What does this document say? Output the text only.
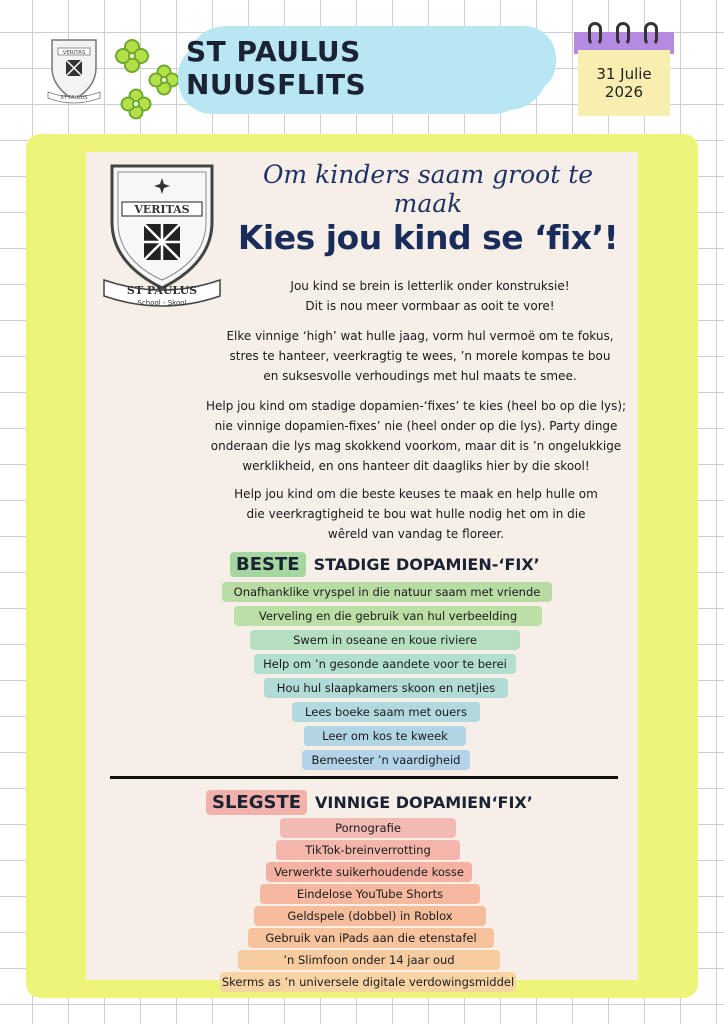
VERITAS
ST PAULUS
ST PAULUS NUUSFLITS	31 Julie
2026
VERITAS
ST PAULUS
School - Skool
Om kinders saam groot te maak
Kies jou kind se ‘fix’!
Jou kind se brein is letterlik onder konstruksie!
Dit is nou meer vormbaar as ooit te vore!
Elke vinnige ‘high’ wat hulle jaag, vorm hul vermoë om te fokus,
stres te hanteer, veerkragtig te wees, ’n morele kompas te bou
en suksesvolle verhoudings met hul maats te smee.
Help jou kind om stadige dopamien-‘fixes’ te kies (heel bo op die lys);
nie vinnige dopamien-fixes’ nie (heel onder op die lys). Party dinge
onderaan die lys mag skokkend voorkom, maar dit is ’n ongelukkige
werklikheid, en ons hanteer dit daagliks hier by die skool!
Help jou kind om die beste keuses te maak en help hulle om
die veerkragtigheid te bou wat hulle nodig het om in die
wêreld van vandag te floreer.
BESTE STADIGE DOPAMIEN-‘FIX’
Onafhanklike vryspel in die natuur saam met vriende
Verveling en die gebruik van hul verbeelding
Swem in oseane en koue riviere
Help om ’n gesonde aandete voor te berei
Hou hul slaapkamers skoon en netjies
Lees boeke saam met ouers
Leer om kos te kweek
Bemeester ’n vaardigheid
SLEGSTE VINNIGE DOPAMIEN‘FIX’
Pornografie
TikTok-breinverrotting
Verwerkte suikerhoudende kosse
Eindelose YouTube Shorts
Geldspele (dobbel) in Roblox
Gebruik van iPads aan die etenstafel
’n Slimfoon onder 14 jaar oud
Skerms as ’n universele digitale verdowingsmiddel
